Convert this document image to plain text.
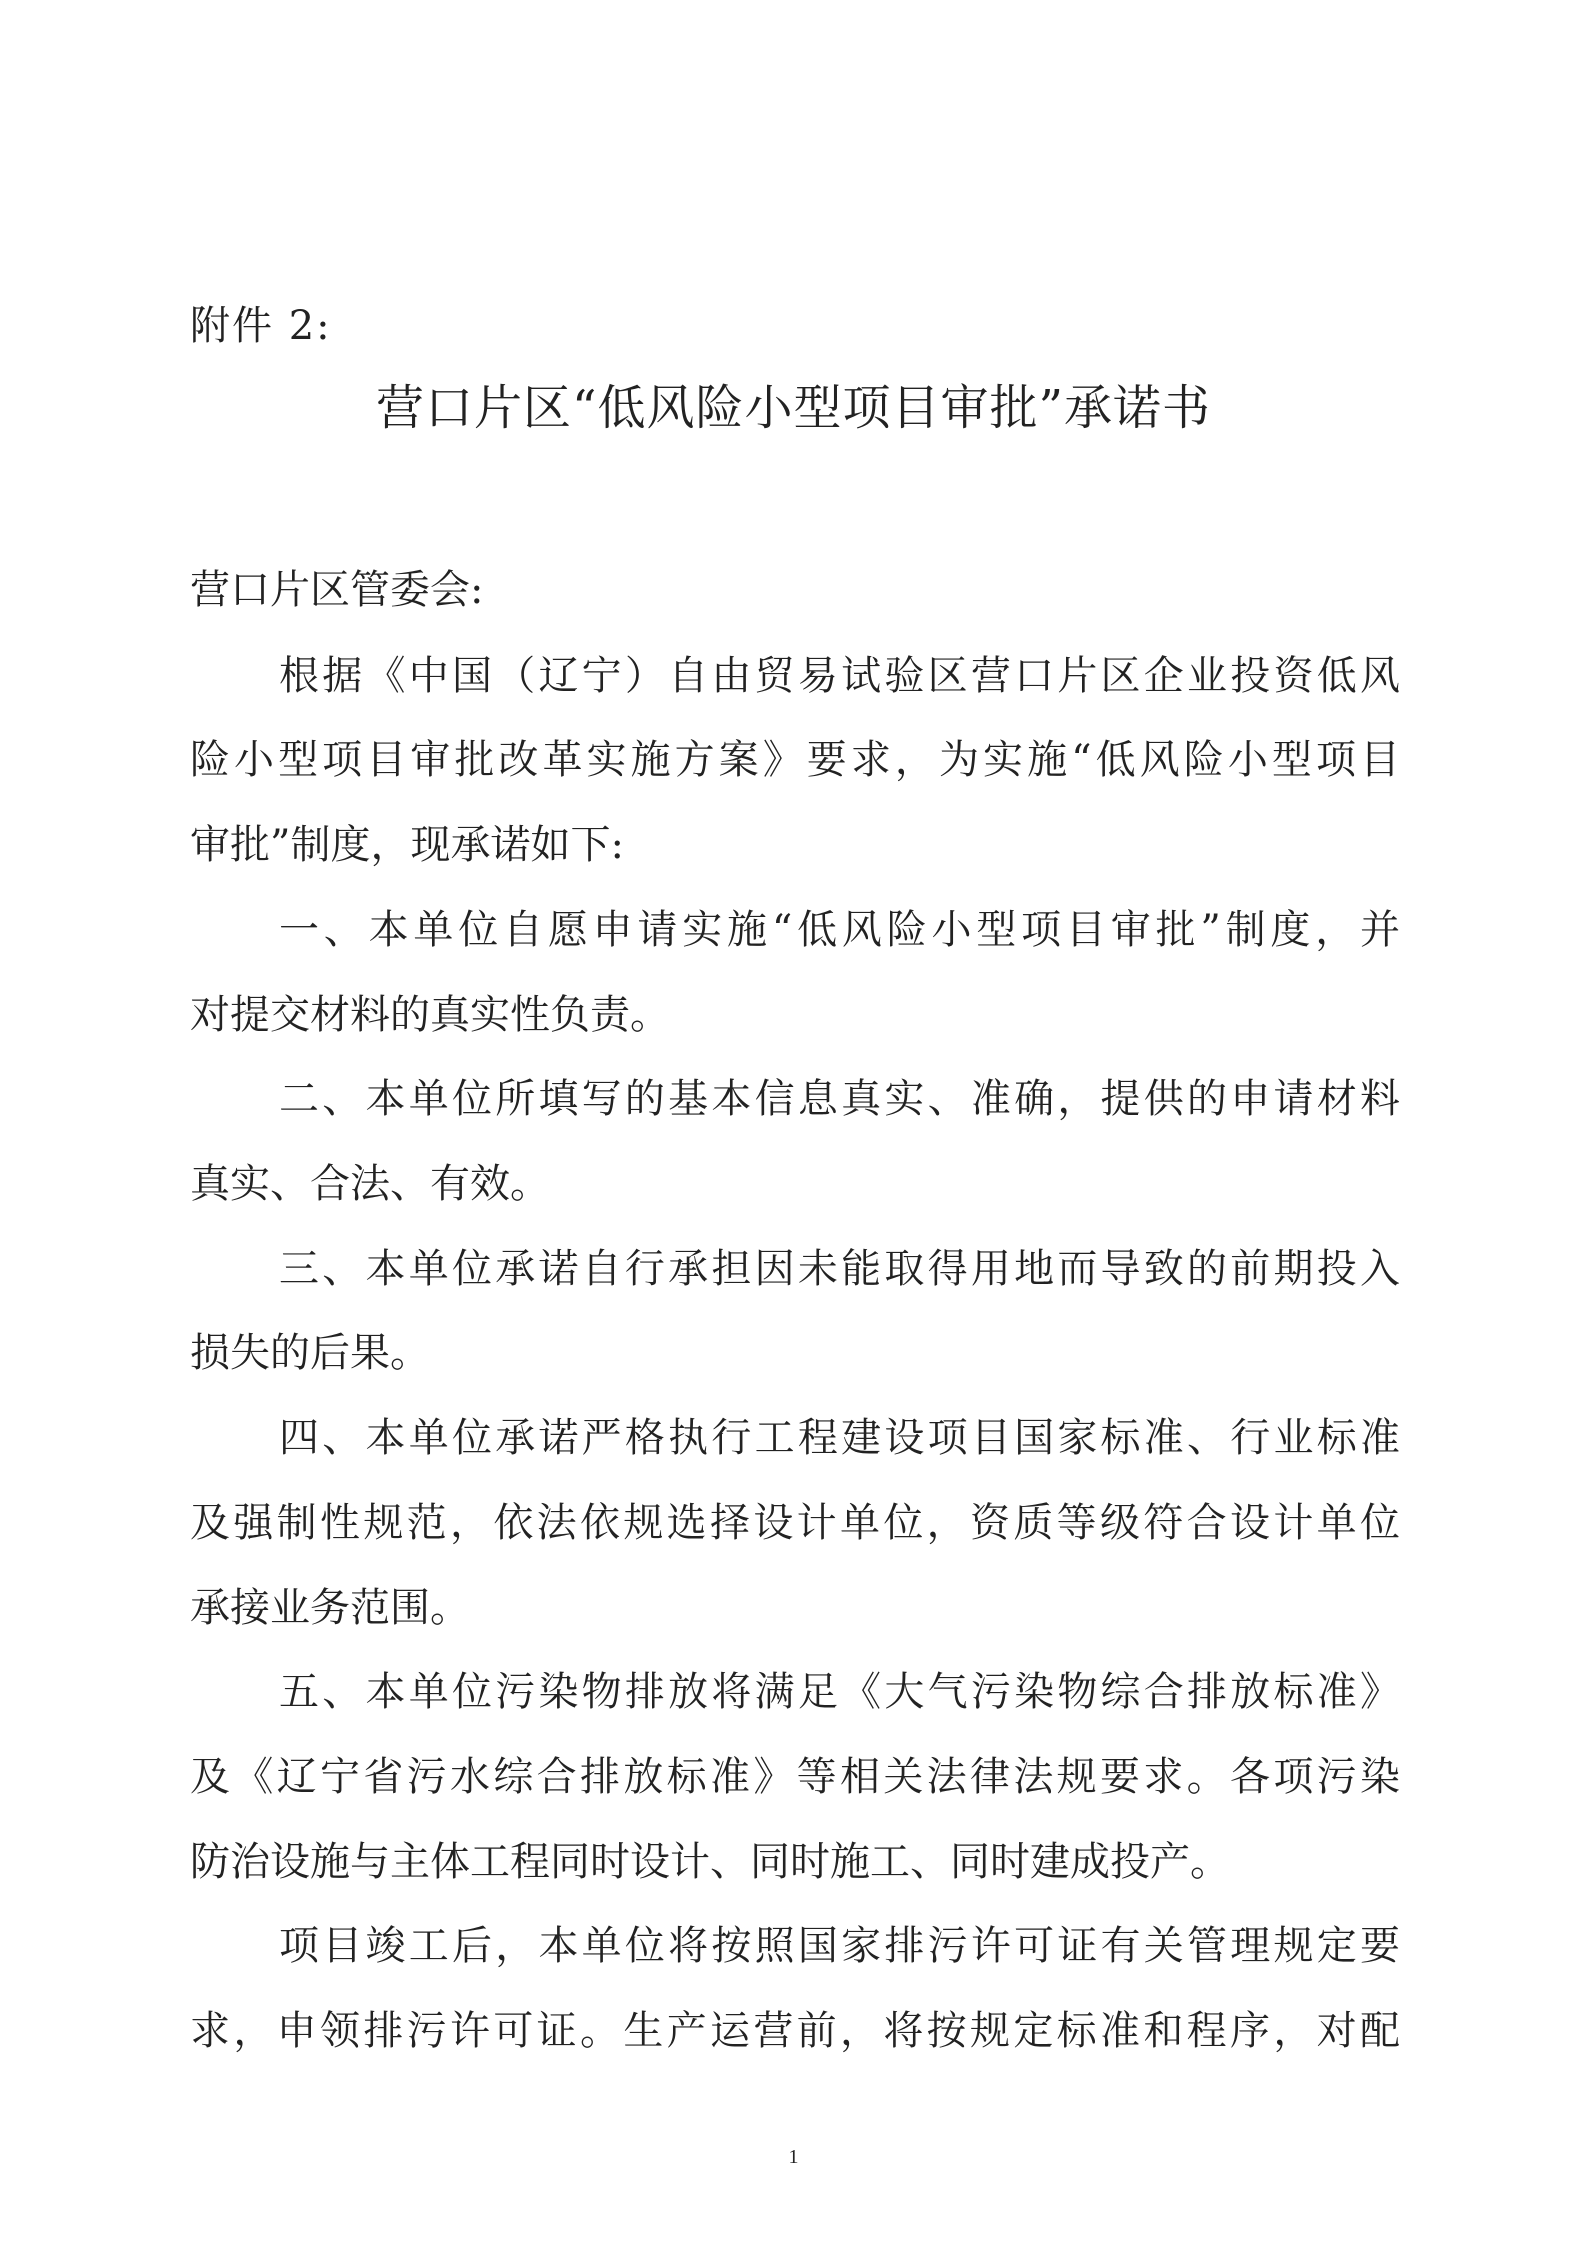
附件 2:
营口片区“低风险小型项目审批”承诺书
营口片区管委会:
根据《中国（辽宁）自由贸易试验区营口片区企业投资低风
险小型项目审批改革实施方案》要求，为实施“低风险小型项目
审批”制度，现承诺如下:
一、本单位自愿申请实施“低风险小型项目审批”制度，并
对提交材料的真实性负责。
二、本单位所填写的基本信息真实、准确，提供的申请材料
真实、合法、有效。
三、本单位承诺自行承担因未能取得用地而导致的前期投入
损失的后果。
四、本单位承诺严格执行工程建设项目国家标准、行业标准
及强制性规范，依法依规选择设计单位，资质等级符合设计单位
承接业务范围。
五、本单位污染物排放将满足《大气污染物综合排放标准》
及《辽宁省污水综合排放标准》等相关法律法规要求。各项污染
防治设施与主体工程同时设计、同时施工、同时建成投产。
项目竣工后，本单位将按照国家排污许可证有关管理规定要
求，申领排污许可证。生产运营前，将按规定标准和程序，对配
1
